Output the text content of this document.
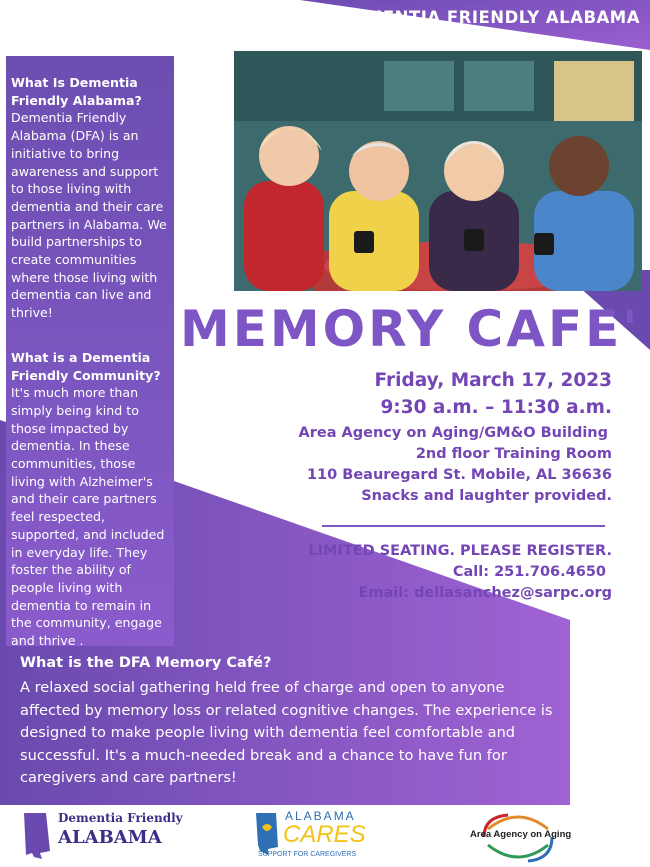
DEMENTIA FRIENDLY ALABAMA
What Is Dementia Friendly Alabama?

Dementia Friendly Alabama (DFA) is an initiative to bring awareness and support to those living with dementia and their care partners in Alabama. We build partnerships to create communities where those living with dementia can live and thrive!

What is a Dementia Friendly Community?

It's much more than simply being kind to those impacted by dementia. In these communities, those living with Alzheimer's and their care partners feel respected, supported, and included in everyday life. They foster the ability of people living with dementia to remain in the community, engage and thrive .

MEMORY CAFE'
Friday, March 17, 2023
9:30 a.m. – 11:30 a.m.
Area Agency on Aging/GM&O Building
2nd floor Training Room
110 Beauregard St. Mobile, AL 36636
Snacks and laughter provided.
LIMITED SEATING. PLEASE REGISTER.
Call: 251.706.4650
Email: dellasanchez@sarpc.org
What is the DFA Memory Café?

A relaxed social gathering held free of charge and open to anyone affected by memory loss or related cognitive changes. The experience is designed to make people living with dementia feel comfortable and successful. It's a much-needed break and a chance to have fun for caregivers and care partners!

Dementia Friendly
ALABAMA
ALABAMA
CARES
SUPPORT FOR CAREGIVERS
Area Agency on Aging
